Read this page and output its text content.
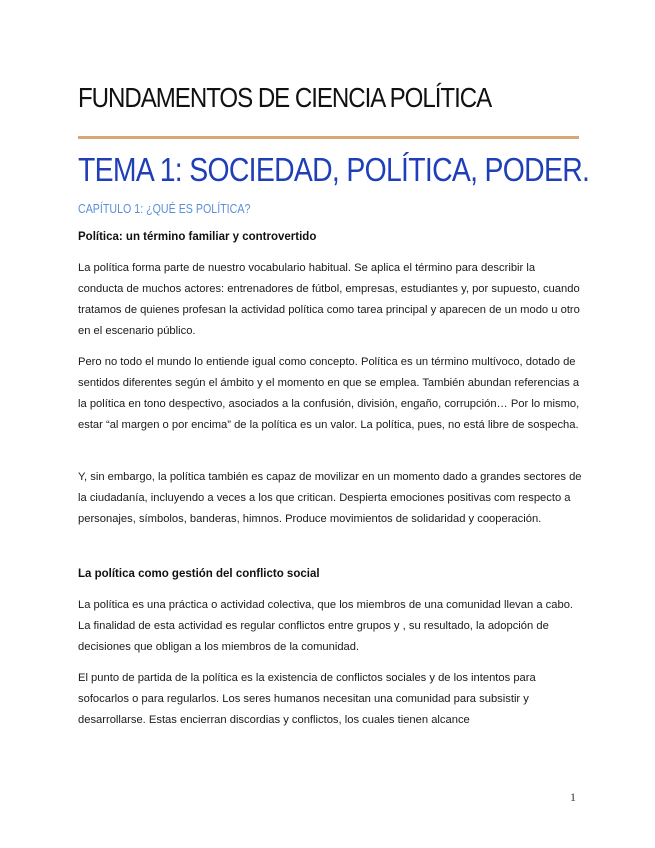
FUNDAMENTOS DE CIENCIA POLÍTICA
TEMA 1: SOCIEDAD, POLÍTICA, PODER.
CAPÍTULO 1: ¿QUÉ ES POLÍTICA?

Política: un término familiar y controvertido

La política forma parte de nuestro vocabulario habitual. Se aplica el término para describir la conducta de muchos actores: entrenadores de fútbol, empresas, estudiantes y, por supuesto, cuando tratamos de quienes profesan la actividad política como tarea principal y aparecen de un modo u otro en el escenario público.

Pero no todo el mundo lo entiende igual como concepto. Política es un término multívoco, dotado de sentidos diferentes según el ámbito y el momento en que se emplea. También abundan referencias a la política en tono despectivo, asociados a la confusión, división, engaño, corrupción… Por lo mismo, estar “al margen o por encima” de la política es un valor. La política, pues, no está libre de sospecha.

Y, sin embargo, la política también es capaz de movilizar en un momento dado a grandes sectores de la ciudadanía, incluyendo a veces a los que critican. Despierta emociones positivas com respecto a personajes, símbolos, banderas, himnos. Produce movimientos de solidaridad y cooperación.

La política como gestión del conflicto social

La política es una práctica o actividad colectiva, que los miembros de una comunidad llevan a cabo. La finalidad de esta actividad es regular conflictos entre grupos y , su resultado, la adopción de decisiones que obligan a los miembros de la comunidad.

El punto de partida de la política es la existencia de conflictos sociales y de los intentos para sofocarlos o para regularlos. Los seres humanos necesitan una comunidad para subsistir y desarrollarse. Estas encierran discordias y conflictos, los cuales tienen alcance

1
